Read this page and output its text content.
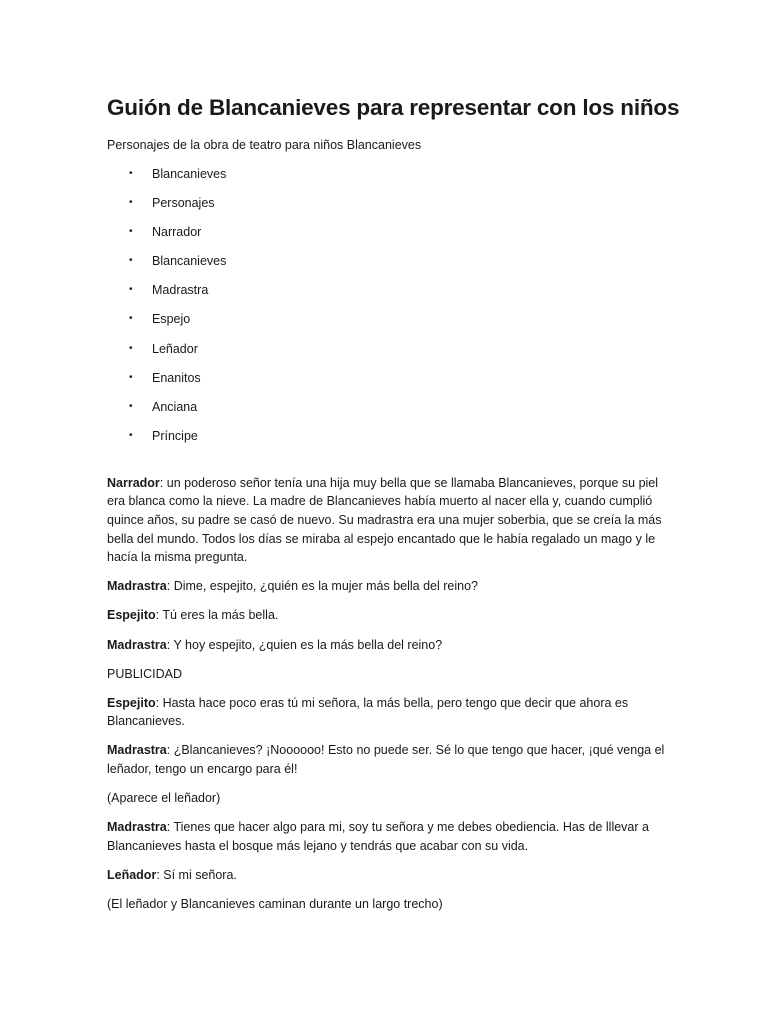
Guión de Blancanieves para representar con los niños

Personajes de la obra de teatro para niños Blancanieves

• Blancanieves
• Personajes
• Narrador
• Blancanieves
• Madrastra
• Espejo
• Leñador
• Enanitos
• Anciana
• Príncipe

Narrador: un poderoso señor tenía una hija muy bella que se llamaba Blancanieves, porque su piel era blanca como la nieve. La madre de Blancanieves había muerto al nacer ella y, cuando cumplió quince años, su padre se casó de nuevo. Su madrastra era una mujer soberbia, que se creía la más bella del mundo. Todos los días se miraba al espejo encantado que le había regalado un mago y le hacía la misma pregunta.

Madrastra: Dime, espejito, ¿quién es la mujer más bella del reino?

Espejito: Tú eres la más bella.

Madrastra: Y hoy espejito, ¿quien es la más bella del reino?

PUBLICIDAD

Espejito: Hasta hace poco eras tú mi señora, la más bella, pero tengo que decir que ahora es Blancanieves.

Madrastra: ¿Blancanieves? ¡Noooooo! Esto no puede ser. Sé lo que tengo que hacer, ¡qué venga el leñador, tengo un encargo para él!

(Aparece el leñador)

Madrastra: Tienes que hacer algo para mi, soy tu señora y me debes obediencia. Has de lllevar a Blancanieves hasta el bosque más lejano y tendrás que acabar con su vida.

Leñador: Sí mi señora.

(El leñador y Blancanieves caminan durante un largo trecho)
